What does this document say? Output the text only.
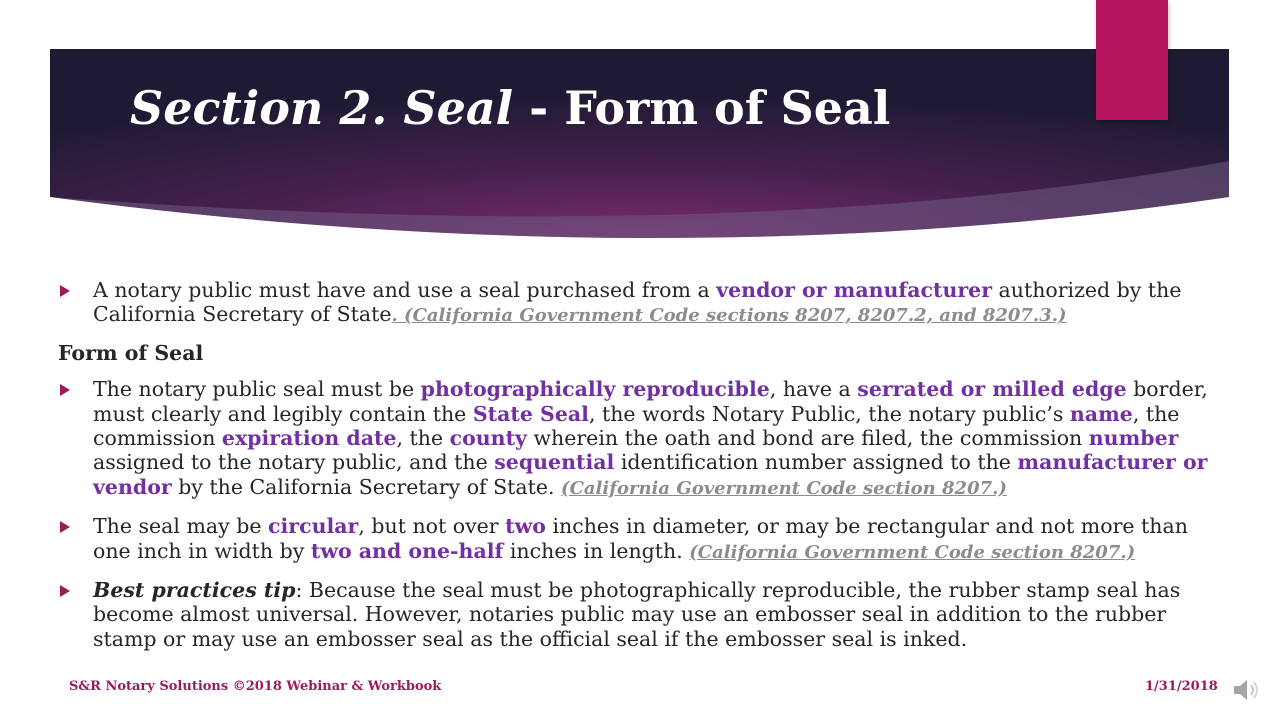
Section 2. Seal - Form of Seal
A notary public must have and use a seal purchased from a vendor or manufacturer authorized by the California Secretary of State. (California Government Code sections 8207, 8207.2, and 8207.3.)
Form of Seal
The notary public seal must be photographically reproducible, have a serrated or milled edge border, must clearly and legibly contain the State Seal, the words Notary Public, the notary public’s name, the commission expiration date, the county wherein the oath and bond are filed, the commission number assigned to the notary public, and the sequential identification number assigned to the manufacturer or vendor by the California Secretary of State. (California Government Code section 8207.)
The seal may be circular, but not over two inches in diameter, or may be rectangular and not more than one inch in width by two and one-half inches in length. (California Government Code section 8207.)
Best practices tip: Because the seal must be photographically reproducible, the rubber stamp seal has become almost universal. However, notaries public may use an embosser seal in addition to the rubber stamp or may use an embosser seal as the official seal if the embosser seal is inked.
S&R Notary Solutions ©2018 Webinar & Workbook	1/31/2018
